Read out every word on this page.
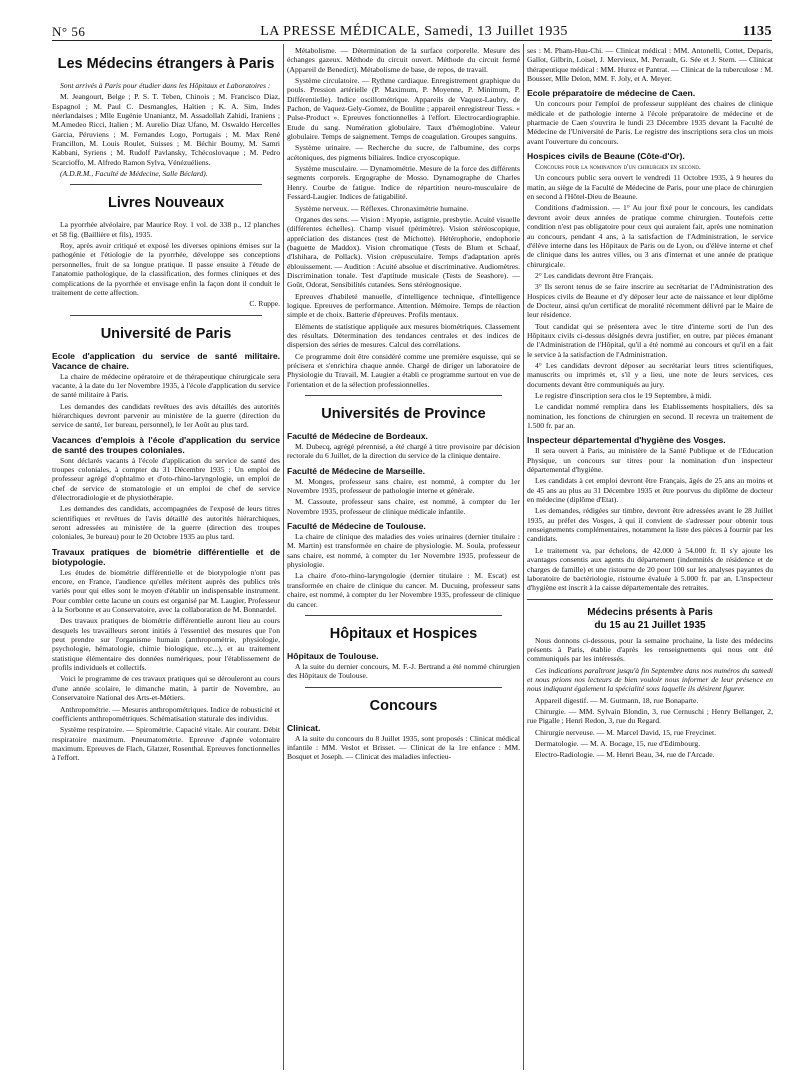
N° 56	LA PRESSE MÉDICALE, Samedi, 13 Juillet 1935	1135
Les Médecins étrangers à Paris

Sont arrivés à Paris pour étudier dans les Hôpitaux et Laboratoires :

M. Jeangourt, Belge ; P. S. T. Teben, Chinois ; M. Francisco Diaz, Espagnol ; M. Paul C. Desmangles, Haïtien ; K. A. Sim, Indes néerlandaises ; Mlle Eugénie Unaniantz, M. Assadollah Zahidi, Iraniens ; M.Amedeo Ricci, Italien ; M. Aurelio Diaz Ufano, M. Oswaldo Hercelles Garcia, Péruviens ; M. Fernandes Logo, Portugais ; M. Max René Francillon, M. Louis Roulet, Suisses ; M. Béchir Boumy, M. Samri Kabbani, Syriens ; M. Rudolf Pavlansky, Tchécoslovaque ; M. Pedro Scarcioffo, M. Alfredo Ramon Sylva, Vénézuéliens.

(A.D.R.M., Faculté de Médecine, Salle Béclard).

Livres Nouveaux

La pyorrhée alvéolaire, par Maurice Roy. 1 vol. de 338 p., 12 planches et 58 fig. (Baillière et fils), 1935.

Roy, après avoir critiqué et exposé les diverses opinions émises sur la pathogénie et l'étiologie de la pyorrhée, développe ses conceptions personnelles, fruit de sa longue pratique. Il passe ensuite à l'étude de l'anatomie pathologique, de la classification, des formes cliniques et des complications de la pyorrhée et envisage enfin la façon dont il conduit le traitement de cette affection.

C. Ruppe.

Université de Paris
Ecole d'application du service de santé militaire. Vacance de chaire.

La chaire de médecine opératoire et de thérapeutique chirurgicale sera vacante, à la date du 1er Novembre 1935, à l'école d'application du service de santé militaire à Paris.

Les demandes des candidats revêtues des avis détaillés des autorités hiérarchiques devront parvenir au ministère de la guerre (direction du service de santé, 1er bureau, personnel), le 1er Août au plus tard.

Vacances d'emplois à l'école d'application du service de santé des troupes coloniales.

Sont déclarés vacants à l'école d'application du service de santé des troupes coloniales, à compter du 31 Décembre 1935 : Un emploi de professeur agrégé d'ophtalmo et d'oto-rhino-laryngologie, un emploi de chef de service de stomatologie et un emploi de chef de service d'électroradiologie et de physiothérapie.

Les demandes des candidats, accompagnées de l'exposé de leurs titres scientifiques et revêtues de l'avis détaillé des autorités hiérarchiques, seront adressées au ministère de la guerre (direction des troupes coloniales, 3e bureau) pour le 20 Octobre 1935 au plus tard.

Travaux pratiques de biométrie différentielle et de biotypologie.

Les études de biométrie différentielle et de biotypologie n'ont pas encore, en France, l'audience qu'elles méritent auprès des publics très variés pour qui elles sont le moyen d'établir un indispensable instrument. Pour combler cette lacune un cours est organisé par M. Laugier, Professeur à la Sorbonne et au Conservatoire, avec la collaboration de M. Bonnardel.

Des travaux pratiques de biométrie différentielle auront lieu au cours desquels les travailleurs seront initiés à l'essentiel des mesures que l'on peut prendre sur l'organisme humain (anthropométrie, physiologie, psychologie, hématologie, chimie biologique, etc...), et au traitement statistique élémentaire des données numériques, pour l'établissement de profils individuels et collectifs.

Voici le programme de ces travaux pratiques qui se dérouleront au cours d'une année scolaire, le dimanche matin, à partir de Novembre, au Conservatoire National des Arts-et-Métiers.

Anthropométrie. — Mesures anthropométriques. Indice de robusticité et coefficients anthropométriques. Schématisation staturale des individus.

Système respiratoire. — Spirométrie. Capacité vitale. Air courant. Débit respiratoire maximum. Pneumatométrie. Epreuve d'apnée volontaire maximum. Epreuves de Flach, Glatzer, Rosenthal. Epreuves fonctionnelles à l'effort.

Métabolisme. — Détermination de la surface corporelle. Mesure des échanges gazeux. Méthode du circuit ouvert. Méthode du circuit fermé (Appareil de Benedict). Métabolisme de base, de repos, de travail.

Système circulatoire. — Rythme cardiaque. Enregistrement graphique du pouls. Pression artérielle (P. Maximum, P. Moyenne, P. Minimum, P. Différentielle). Indice oscillométrique. Appareils de Vaquez-Laubry, de Pachon, de Vaquez-Gely-Gomez, de Boulitte ; appareil enregistreur Tiess. « Pulse-Product ». Epreuves fonctionnelles à l'effort. Electrocardiographie. Etude du sang. Numération globulaire. Taux d'hémoglobine. Valeur globulaire. Temps de saignement. Temps de coagulation. Groupes sanguins.

Système urinaire. — Recherche du sucre, de l'albumine, des corps acétoniques, des pigments biliaires. Indice cryoscopique.

Système musculaire. — Dynamométrie. Mesure de la force des différents segments corporels. Ergographe de Mosso. Dynamographe de Charles Henry. Courbe de fatigue. Indice de répartition neuro-musculaire de Fessard-Laugier. Indices de fatigabilité.

Système nerveux. — Réflexes. Chronaximétrie humaine.

Organes des sens. — Vision : Myopie, astigmie, presbytie. Acuité visuelle (différentes échelles). Champ visuel (périmètre). Vision stéréoscopique, appréciation des distances (test de Michotte). Hétérophorie, endophorie (baguette de Maddox). Vision chromatique (Tests de Blum et Schaaf, d'Ishihara, de Pollack). Vision crépusculaire. Temps d'adaptation après éblouissement. — Audition : Acuité absolue et discriminative. Audiomètres. Discrimination tonale. Test d'aptitude musicale (Tests de Seashore). — Goût, Odorat, Sensibilités cutanées. Sens stéréognosique.

Epreuves d'habileté manuelle, d'intelligence technique, d'intelligence logique. Epreuves de performance. Attention. Mémoire. Temps de réaction simple et de choix. Batterie d'épreuves. Profils mentaux.

Eléments de statistique appliquée aux mesures biométriques. Classement des résultats. Détermination des tendances centrales et des indices de dispersion des séries de mesures. Calcul des corrélations.

Ce programme doit être considéré comme une première esquisse, qui se précisera et s'enrichira chaque année. Chargé de diriger un laboratoire de Physiologie du Travail, M. Laugier a établi ce programme surtout en vue de l'orientation et de la sélection professionnelles.

Universités de Province
Faculté de Médecine de Bordeaux.

M. Dubecq, agrégé pérennisé, a été chargé à titre provisoire par décision rectorale du 6 Juillet, de la direction du service de la clinique dentaire.

Faculté de Médecine de Marseille.

M. Monges, professeur sans chaire, est nommé, à compter du 1er Novembre 1935, professeur de pathologie interne et générale.

M. Cassoute, professeur sans chaire, est nommé, à compter du 1er Novembre 1935, professeur de clinique médicale infantile.

Faculté de Médecine de Toulouse.

La chaire de clinique des maladies des voies urinaires (dernier titulaire : M. Martin) est transformée en chaire de physiologie. M. Soula, professeur sans chaire, est nommé, à compter du 1er Novembre 1935, professeur de physiologie.

La chaire d'oto-rhino-laryngologie (dernier titulaire : M. Escat) est transformée en chaire de clinique du cancer. M. Ducuing, professeur sans chaire, est nommé, à compter du 1er Novembre 1935, professeur de clinique du cancer.

Hôpitaux et Hospices
Hôpitaux de Toulouse.

A la suite du dernier concours, M. F.-J. Bertrand a été nommé chirurgien des Hôpitaux de Toulouse.

Concours
Clinicat.

A la suite du concours du 8 Juillet 1935, sont proposés : Clinicat médical infantile : MM. Veslot et Brisset. — Clinicat de la 1re enfance : MM. Bosquet et Joseph. — Clinicat des maladies infectieu-

ses : M. Pham-Huu-Chi. — Clinicat médical : MM. Antonelli, Cottet, Deparis, Gallot, Gilbrin, Loisel, J. Mervieux, M. Perrault, G. Sée et J. Stern. — Clinicat thérapeutique médical : MM. Hurez et Pantrat. — Clinicat de la tuberculose : M. Bousser, Mlle Delon, MM. F. Joly, et A. Meyer.

Ecole préparatoire de médecine de Caen.

Un concours pour l'emploi de professeur suppléant des chaires de clinique médicale et de pathologie interne à l'école préparatoire de médecine et de pharmacie de Caen s'ouvrira le lundi 23 Décembre 1935 devant la Faculté de Médecine de l'Université de Paris. Le registre des inscriptions sera clos un mois avant l'ouverture du concours.

Hospices civils de Beaune (Côte-d'Or).

Concours pour la nomination d'un chirurgien en second.

Un concours public sera ouvert le vendredi 11 Octobre 1935, à 9 heures du matin, au siège de la Faculté de Médecine de Paris, pour une place de chirurgien en second à l'Hôtel-Dieu de Beaune.

Conditions d'admission. — 1° Au jour fixé pour le concours, les candidats devront avoir deux années de pratique comme chirurgien. Toutefois cette condition n'est pas obligatoire pour ceux qui auraient fait, après une nomination au concours, pendant 4 ans, à la satisfaction de l'Administration, le service d'élève interne dans les Hôpitaux de Paris ou de Lyon, ou d'élève interne et chef de clinique dans les autres villes, ou 3 ans d'internat et une année de pratique chirurgicale.

2° Les candidats devront être Français.

3° Ils seront tenus de se faire inscrire au secrétariat de l'Administration des Hospices civils de Beaune et d'y déposer leur acte de naissance et leur diplôme de Docteur, ainsi qu'un certificat de moralité récemment délivré par le Maire de leur résidence.

Tout candidat qui se présentera avec le titre d'interne sorti de l'un des Hôpitaux civils ci-dessus désignés devra justifier, en outre, par pièces émanant de l'Administration de l'Hôpital, qu'il a été nommé au concours et qu'il en a fait le service à la satisfaction de l'Administration.

4° Les candidats devront déposer au secrétariat leurs titres scientifiques, manuscrits ou imprimés et, s'il y a lieu, une note de leurs services, ces documents devant être communiqués au jury.

Le registre d'inscription sera clos le 19 Septembre, à midi.

Le candidat nommé remplira dans les Etablissements hospitaliers, dès sa nomination, les fonctions de chirurgien en second. Il recevra un traitement de 1.500 fr. par an.

Inspecteur départemental d'hygiène des Vosges.

Il sera ouvert à Paris, au ministère de la Santé Publique et de l'Education Physique, un concours sur titres pour la nomination d'un inspecteur départemental d'hygiène.

Les candidats à cet emploi devront être Français, âgés de 25 ans au moins et de 45 ans au plus au 31 Décembre 1935 et être pourvus du diplôme de docteur en médecine (diplôme d'Etat).

Les demandes, rédigées sur timbre, devront être adressées avant le 28 Juillet 1935, au préfet des Vosges, à qui il convient de s'adresser pour obtenir tous renseignements complémentaires, notamment la liste des pièces à fournir par les candidats.

Le traitement va, par échelons, de 42.000 à 54.000 fr. Il s'y ajoute les avantages consentis aux agents du département (indemnités de résidence et de charges de famille) et une ristourne de 20 pour 100 sur les analyses payantes du laboratoire de bactériologie, ristourne évaluée à 5.000 fr. par an. L'inspecteur d'hygiène est inscrit à la caisse départementale des retraites.

Médecins présents à Paris
du 15 au 21 Juillet 1935

Nous donnons ci-dessous, pour la semaine prochaine, la liste des médecins présents à Paris, établie d'après les renseignements qui nous ont été communiqués par les intéressés.

Ces indications paraîtront jusqu'à fin Septembre dans nos numéros du samedi et nous prions nos lecteurs de bien vouloir nous informer de leur présence en nous indiquant également la spécialité sous laquelle ils désirent figurer.

Appareil digestif. — M. Gutmann, 18, rue Bonaparte.

Chirurgie. — MM. Sylvain Blondin, 3, rue Cernuschi ; Henry Bellanger, 2, rue Pigalle ; Henri Redon, 3, rue du Regard.

Chirurgie nerveuse. — M. Marcel David, 15, rue Freycinet.

Dermatologie. — M. A. Bocage, 15, rue d'Edimbourg.

Electro-Radiologie. — M. Henri Beau, 34, rue de l'Arcade.
